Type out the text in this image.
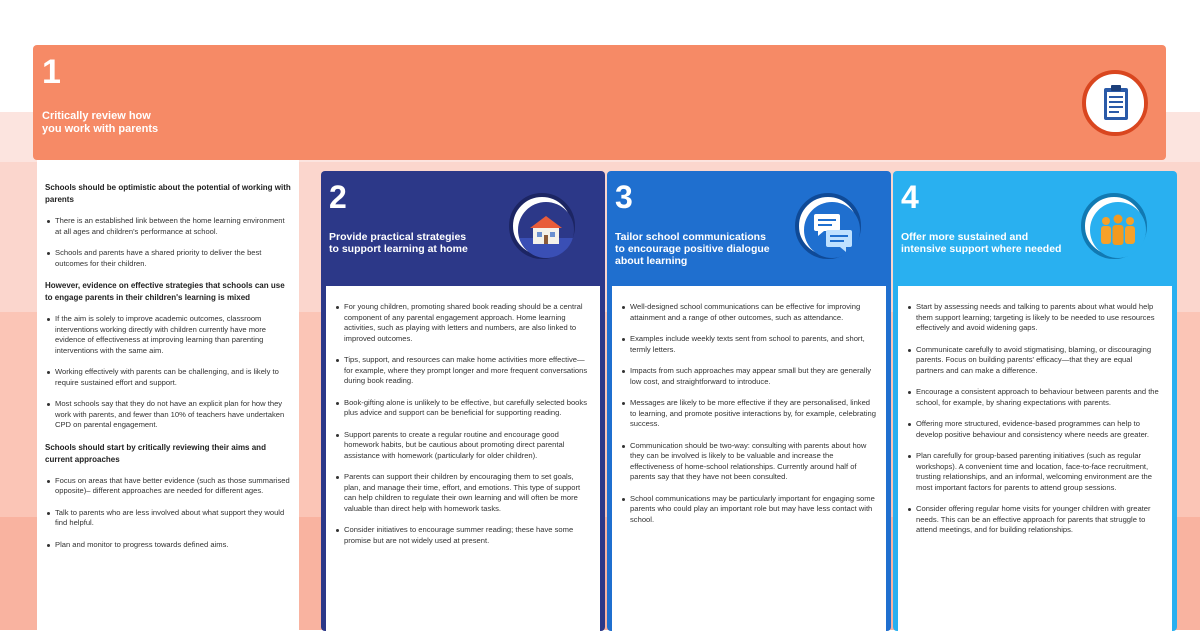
1
Critically review how
you work with parents
Schools should be optimistic about the potential of working with parents
There is an established link between the home learning environment at all ages and children's performance at school.
Schools and parents have a shared priority to deliver the best outcomes for their children.
However, evidence on effective strategies that schools can use to engage parents in their children's learning is mixed
If the aim is solely to improve academic outcomes, classroom interventions working directly with children currently have more evidence of effectiveness at improving learning than parenting interventions with the same aim.
Working effectively with parents can be challenging, and is likely to require sustained effort and support.
Most schools say that they do not have an explicit plan for how they work with parents, and fewer than 10% of teachers have undertaken CPD on parental engagement.
Schools should start by critically reviewing their aims and current approaches
Focus on areas that have better evidence (such as those summarised opposite)– different approaches are needed for different ages.
Talk to parents who are less involved about what support they would find helpful.
Plan and monitor to progress towards defined aims.
2
Provide practical strategies
to support learning at home
For young children, promoting shared book reading should be a central component of any parental engagement approach. Home learning activities, such as playing with letters and numbers, are also linked to improved outcomes.
Tips, support, and resources can make home activities more effective—for example, where they prompt longer and more frequent conversations during book reading.
Book-gifting alone is unlikely to be effective, but carefully selected books plus advice and support can be beneficial for supporting reading.
Support parents to create a regular routine and encourage good homework habits, but be cautious about promoting direct parental assistance with homework (particularly for older children).
Parents can support their children by encouraging them to set goals, plan, and manage their time, effort, and emotions. This type of support can help children to regulate their own learning and will often be more valuable than direct help with homework tasks.
Consider initiatives to encourage summer reading; these have some promise but are not widely used at present.
3
Tailor school communications
to encourage positive dialogue
about learning
Well-designed school communications can be effective for improving attainment and a range of other outcomes, such as attendance.
Examples include weekly texts sent from school to parents, and short, termly letters.
Impacts from such approaches may appear small but they are generally low cost, and straightforward to introduce.
Messages are likely to be more effective if they are personalised, linked to learning, and promote positive interactions by, for example, celebrating success.
Communication should be two-way: consulting with parents about how they can be involved is likely to be valuable and increase the effectiveness of home-school relationships. Currently around half of parents say that they have not been consulted.
School communications may be particularly important for engaging some parents who could play an important role but may have less contact with school.
4
Offer more sustained and
intensive support where needed
Start by assessing needs and talking to parents about what would help them support learning; targeting is likely to be needed to use resources effectively and avoid widening gaps.
Communicate carefully to avoid stigmatising, blaming, or discouraging parents. Focus on building parents' efficacy—that they are equal partners and can make a difference.
Encourage a consistent approach to behaviour between parents and the school, for example, by sharing expectations with parents.
Offering more structured, evidence-based programmes can help to develop positive behaviour and consistency where needs are greater.
Plan carefully for group-based parenting initiatives (such as regular workshops). A convenient time and location, face-to-face recruitment, trusting relationships, and an informal, welcoming environment are the most important factors for parents to attend group sessions.
Consider offering regular home visits for younger children with greater needs. This can be an effective approach for parents that struggle to attend meetings, and for building relationships.
